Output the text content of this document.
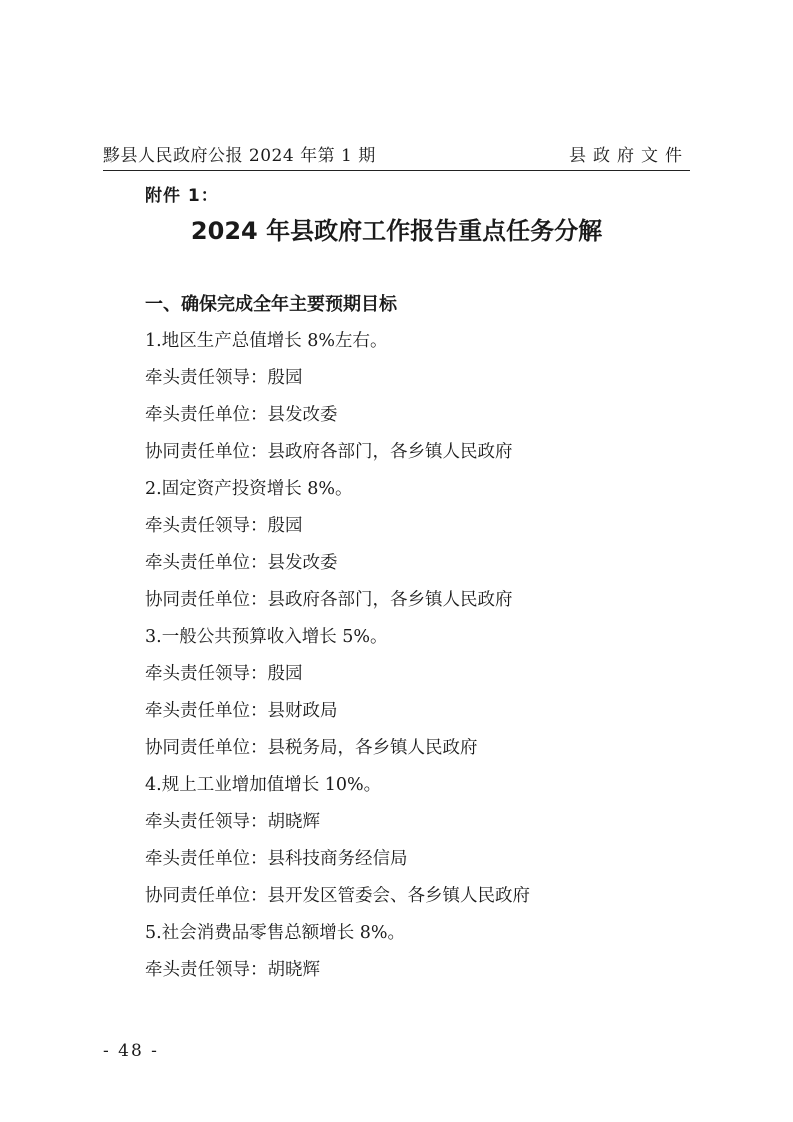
黟县人民政府公报 2024 年第 1 期	县政府文件
附件 1：
2024 年县政府工作报告重点任务分解
一、确保完成全年主要预期目标
1.地区生产总值增长 8%左右。
牵头责任领导：殷园
牵头责任单位：县发改委
协同责任单位：县政府各部门，各乡镇人民政府
2.固定资产投资增长 8%。
牵头责任领导：殷园
牵头责任单位：县发改委
协同责任单位：县政府各部门，各乡镇人民政府
3.一般公共预算收入增长 5%。
牵头责任领导：殷园
牵头责任单位：县财政局
协同责任单位：县税务局，各乡镇人民政府
4.规上工业增加值增长 10%。
牵头责任领导：胡晓辉
牵头责任单位：县科技商务经信局
协同责任单位：县开发区管委会、各乡镇人民政府
5.社会消费品零售总额增长 8%。
牵头责任领导：胡晓辉
- 48 -
